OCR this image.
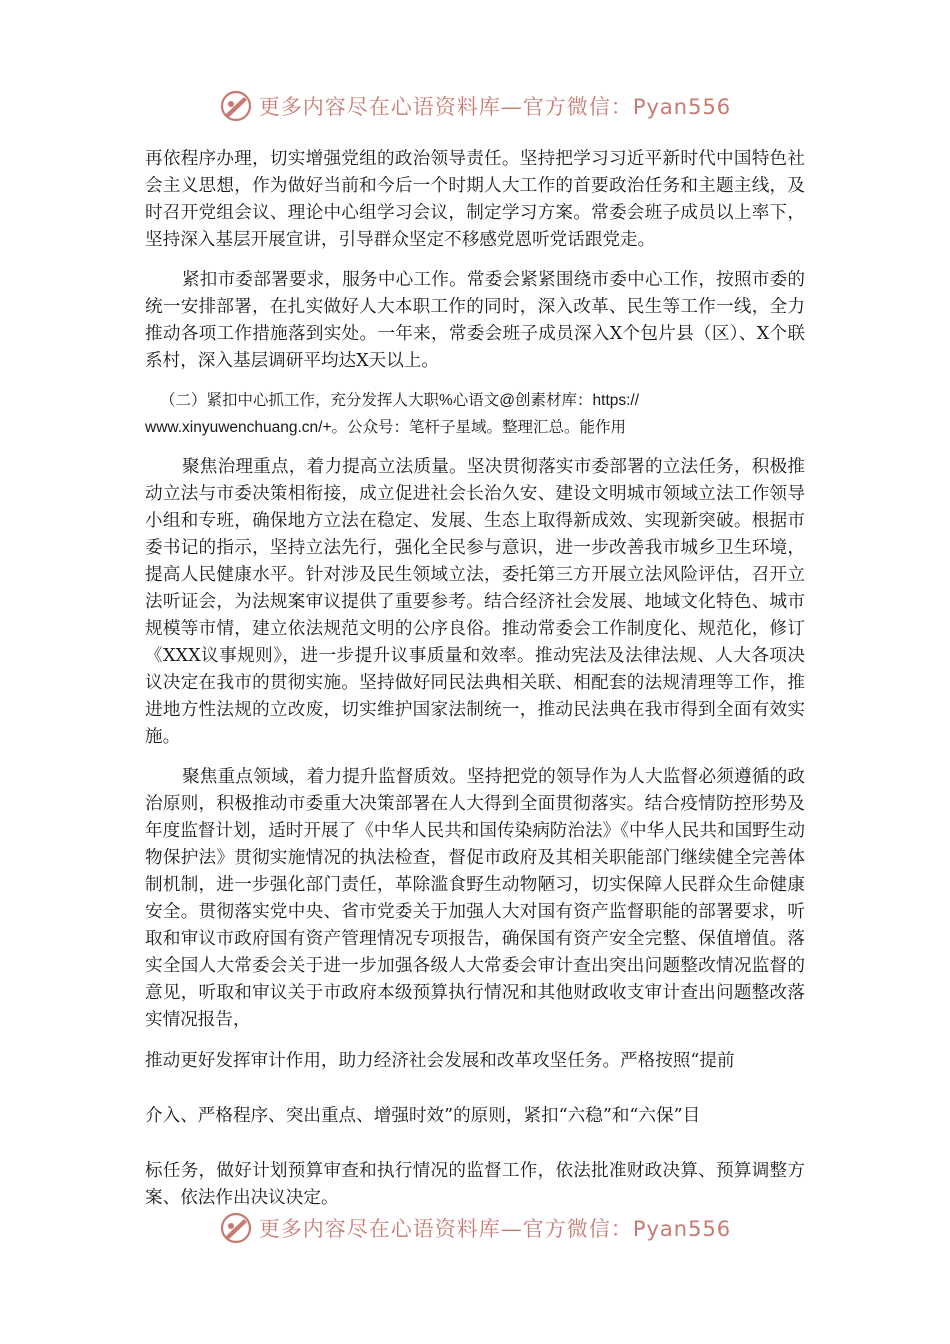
更多内容尽在心语资料库—官方微信：Pyan556

再依程序办理，切实增强党组的政治领导责任。坚持把学习习近平新时代中国特色社会主义思想，作为做好当前和今后一个时期人大工作的首要政治任务和主题主线，及时召开党组会议、理论中心组学习会议，制定学习方案。常委会班子成员以上率下，坚持深入基层开展宣讲，引导群众坚定不移感党恩听党话跟党走。

紧扣市委部署要求，服务中心工作。常委会紧紧围绕市委中心工作，按照市委的统一安排部署，在扎实做好人大本职工作的同时，深入改革、民生等工作一线，全力推动各项工作措施落到实处。一年来，常委会班子成员深入X个包片县（区）、X个联系村，深入基层调研平均达X天以上。

（二）紧扣中心抓工作，充分发挥人大职%心语文@创素材库：https://
www.xinyuwenchuang.cn/+。公众号：笔杆子星域。整理汇总。能作用

聚焦治理重点，着力提高立法质量。坚决贯彻落实市委部署的立法任务，积极推动立法与市委决策相衔接，成立促进社会长治久安、建设文明城市领域立法工作领导小组和专班，确保地方立法在稳定、发展、生态上取得新成效、实现新突破。根据市委书记的指示，坚持立法先行，强化全民参与意识，进一步改善我市城乡卫生环境，提高人民健康水平。针对涉及民生领域立法，委托第三方开展立法风险评估，召开立法听证会，为法规案审议提供了重要参考。结合经济社会发展、地域文化特色、城市规模等市情，建立依法规范文明的公序良俗。推动常委会工作制度化、规范化，修订《XXX议事规则》，进一步提升议事质量和效率。推动宪法及法律法规、人大各项决议决定在我市的贯彻实施。坚持做好同民法典相关联、相配套的法规清理等工作，推进地方性法规的立改废，切实维护国家法制统一，推动民法典在我市得到全面有效实施。

聚焦重点领域，着力提升监督质效。坚持把党的领导作为人大监督必须遵循的政治原则，积极推动市委重大决策部署在人大得到全面贯彻落实。结合疫情防控形势及年度监督计划，适时开展了《中华人民共和国传染病防治法》《中华人民共和国野生动物保护法》贯彻实施情况的执法检查，督促市政府及其相关职能部门继续健全完善体制机制，进一步强化部门责任，革除滥食野生动物陋习，切实保障人民群众生命健康安全。贯彻落实党中央、省市党委关于加强人大对国有资产监督职能的部署要求，听取和审议市政府国有资产管理情况专项报告，确保国有资产安全完整、保值增值。落实全国人大常委会关于进一步加强各级人大常委会审计查出突出问题整改情况监督的意见，听取和审议关于市政府本级预算执行情况和其他财政收支审计查出问题整改落实情况报告，

推动更好发挥审计作用，助力经济社会发展和改革攻坚任务。严格按照“提前

介入、严格程序、突出重点、增强时效”的原则，紧扣“六稳”和“六保”目

标任务，做好计划预算审查和执行情况的监督工作，依法批准财政决算、预算调整方案、依法作出决议决定。

更多内容尽在心语资料库—官方微信：Pyan556
